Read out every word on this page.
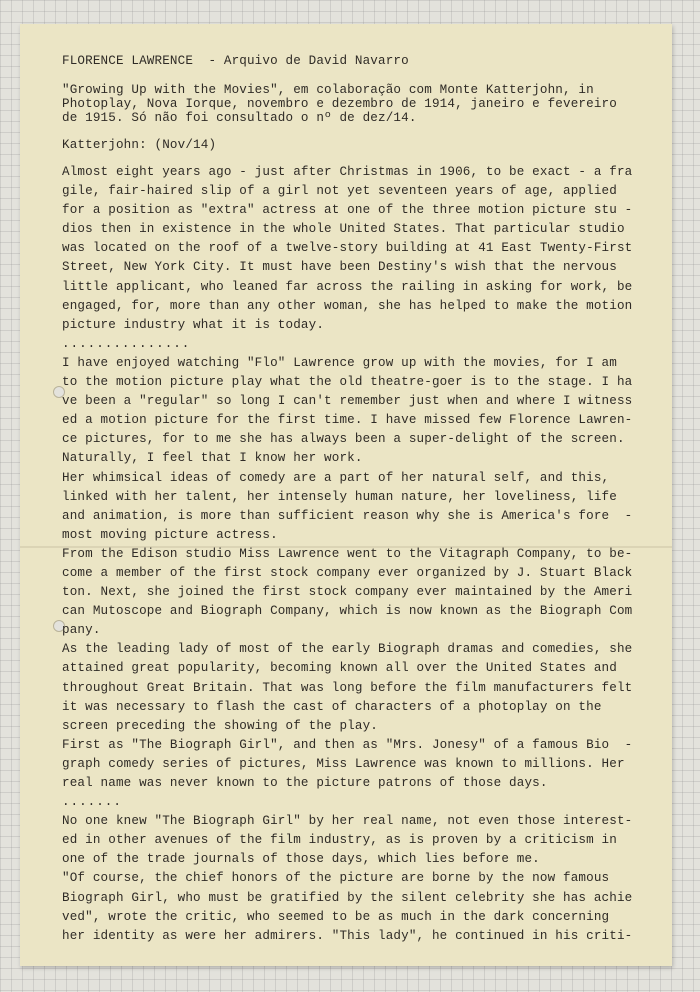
FLORENCE LAWRENCE  - Arquivo de David Navarro

"Growing Up with the Movies", em colaboração com Monte Katterjohn, in

Photoplay, Nova Iorque, novembro e dezembro de 1914, janeiro e fevereiro

de 1915. Só não foi consultado o nº de dez/14.

Katterjohn: (Nov/14)

Almost eight years ago - just after Christmas in 1906, to be exact - a fra

gile, fair-haired slip of a girl not yet seventeen years of age, applied

for a position as "extra" actress at one of the three motion picture stu -

dios then in existence in the whole United States. That particular studio

was located on the roof of a twelve-story building at 41 East Twenty-First

Street, New York City. It must have been Destiny's wish that the nervous

little applicant, who leaned far across the railing in asking for work, be

engaged, for, more than any other woman, she has helped to make the motion

picture industry what it is today.

...............

I have enjoyed watching "Flo" Lawrence grow up with the movies, for I am

to the motion picture play what the old theatre-goer is to the stage. I ha

ve been a "regular" so long I can't remember just when and where I witness

ed a motion picture for the first time. I have missed few Florence Lawren-

ce pictures, for to me she has always been a super-delight of the screen.

Naturally, I feel that I know her work.

Her whimsical ideas of comedy are a part of her natural self, and this,

linked with her talent, her intensely human nature, her loveliness, life

and animation, is more than sufficient reason why she is America's fore  -

most moving picture actress.

From the Edison studio Miss Lawrence went to the Vitagraph Company, to be-

come a member of the first stock company ever organized by J. Stuart Black

ton. Next, she joined the first stock company ever maintained by the Ameri

can Mutoscope and Biograph Company, which is now known as the Biograph Com

pany.

As the leading lady of most of the early Biograph dramas and comedies, she

attained great popularity, becoming known all over the United States and

throughout Great Britain. That was long before the film manufacturers felt

it was necessary to flash the cast of characters of a photoplay on the

screen preceding the showing of the play.

First as "The Biograph Girl", and then as "Mrs. Jonesy" of a famous Bio  -

graph comedy series of pictures, Miss Lawrence was known to millions. Her

real name was never known to the picture patrons of those days.

.......

No one knew "The Biograph Girl" by her real name, not even those interest-

ed in other avenues of the film industry, as is proven by a criticism in

one of the trade journals of those days, which lies before me.

"Of course, the chief honors of the picture are borne by the now famous

Biograph Girl, who must be gratified by the silent celebrity she has achie

ved", wrote the critic, who seemed to be as much in the dark concerning

her identity as were her admirers. "This lady", he continued in his criti-
